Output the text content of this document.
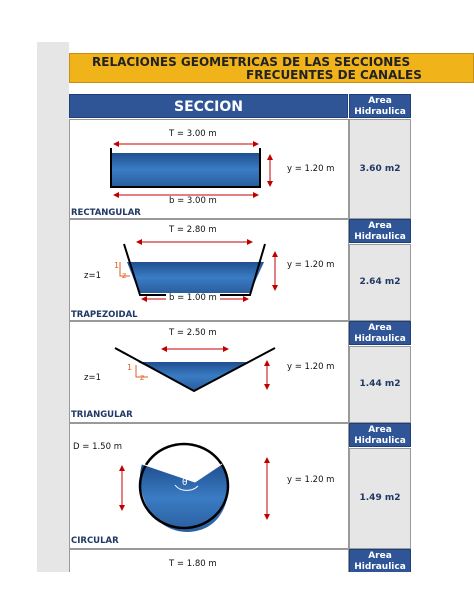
RELACIONES GEOMETRICAS DE LAS SECCIONES
FRECUENTES DE CANALES
SECCION	Area Hidraulica
T = 3.00 m
b = 3.00 m
y = 1.20 m
RECTANGULAR
3.60 m2
Area Hidraulica
T = 2.80 m
b = 1.00 m
y = 1.20 m
z=1
1
z
TRAPEZOIDAL
2.64 m2
Area Hidraulica
T = 2.50 m
y = 1.20 m
z=1
1
z
TRIANGULAR
1.44 m2
Area Hidraulica
D = 1.50 m
θ	y = 1.20 m
CIRCULAR
1.49 m2
Area Hidraulica
T = 1.80 m
